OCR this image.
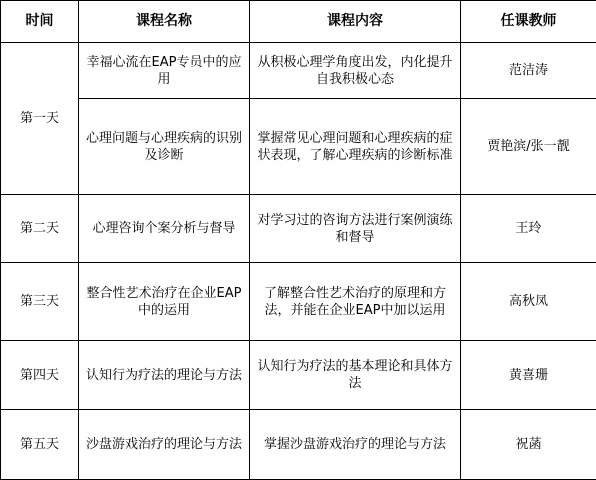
时间	课程名称	课程内容	任课教师
第一天	幸福心流在EAP专员中的应用	从积极心理学角度出发，内化提升自我积极心态	范洁涛
	心理问题与心理疾病的识别及诊断	掌握常见心理问题和心理疾病的症状表现，了解心理疾病的诊断标准	贾艳滨/张一靓
第二天	心理咨询个案分析与督导	对学习过的咨询方法进行案例演练和督导	王玲
第三天	整合性艺术治疗在企业EAP中的运用	了解整合性艺术治疗的原理和方法，并能在企业EAP中加以运用	高秋凤
第四天	认知行为疗法的理论与方法	认知行为疗法的基本理论和具体方法	黄喜珊
第五天	沙盘游戏治疗的理论与方法	掌握沙盘游戏治疗的理论与方法	祝菡
